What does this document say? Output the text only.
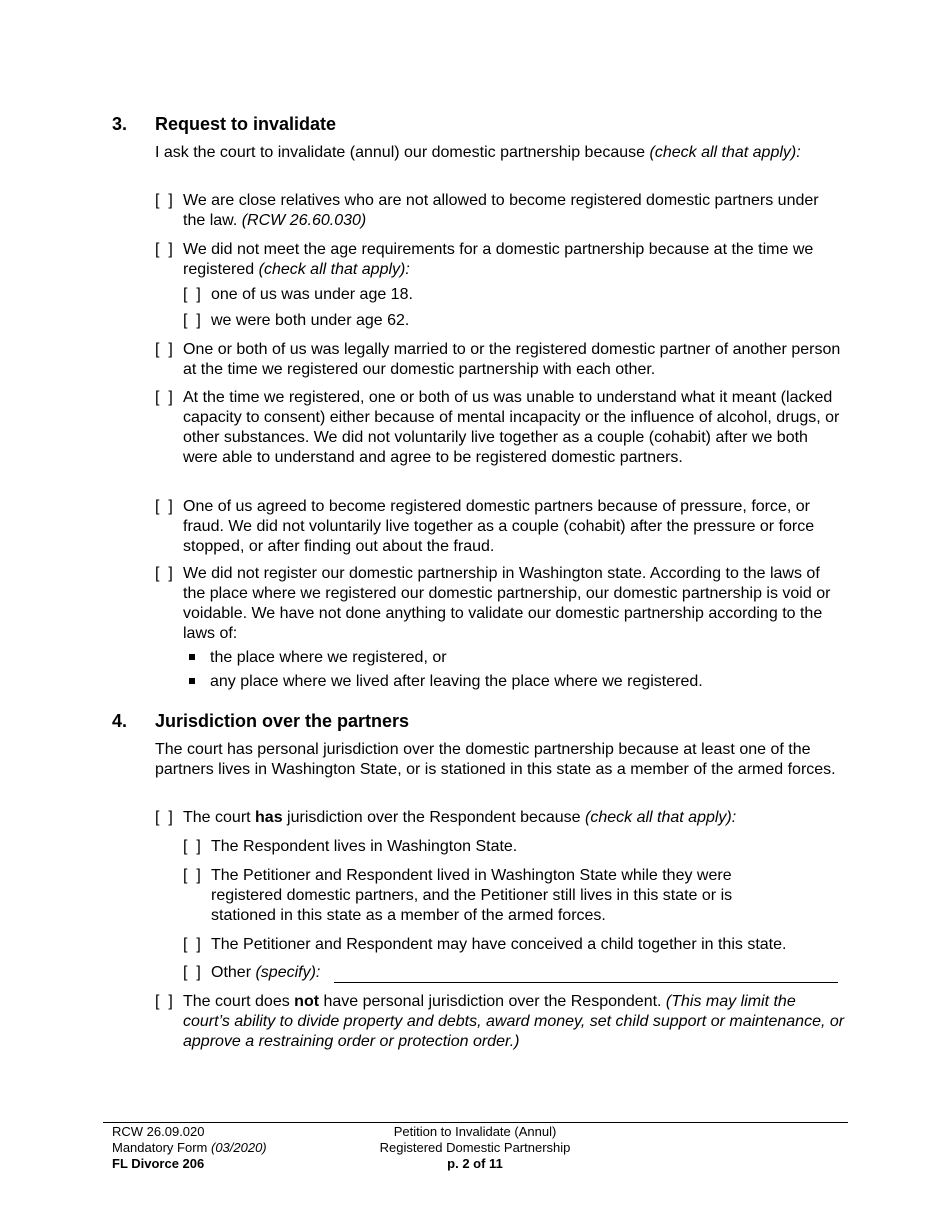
3. Request to invalidate
I ask the court to invalidate (annul) our domestic partnership because (check all that apply):
[  ] We are close relatives who are not allowed to become registered domestic partners under the law. (RCW 26.60.030)
[  ] We did not meet the age requirements for a domestic partnership because at the time we registered (check all that apply):
[  ] one of us was under age 18.
[  ] we were both under age 62.
[  ] One or both of us was legally married to or the registered domestic partner of another person at the time we registered our domestic partnership with each other.
[  ] At the time we registered, one or both of us was unable to understand what it meant (lacked capacity to consent) either because of mental incapacity or the influence of alcohol, drugs, or other substances. We did not voluntarily live together as a couple (cohabit) after we both were able to understand and agree to be registered domestic partners.
[  ] One of us agreed to become registered domestic partners because of pressure, force, or fraud. We did not voluntarily live together as a couple (cohabit) after the pressure or force stopped, or after finding out about the fraud.
[  ] We did not register our domestic partnership in Washington state. According to the laws of the place where we registered our domestic partnership, our domestic partnership is void or voidable. We have not done anything to validate our domestic partnership according to the laws of:
the place where we registered, or
any place where we lived after leaving the place where we registered.
4. Jurisdiction over the partners
The court has personal jurisdiction over the domestic partnership because at least one of the partners lives in Washington State, or is stationed in this state as a member of the armed forces.
[  ] The court has jurisdiction over the Respondent because (check all that apply):
[  ] The Respondent lives in Washington State.
[  ] The Petitioner and Respondent lived in Washington State while they were registered domestic partners, and the Petitioner still lives in this state or is stationed in this state as a member of the armed forces.
[  ] The Petitioner and Respondent may have conceived a child together in this state.
[  ] Other (specify):
[  ] The court does not have personal jurisdiction over the Respondent. (This may limit the court’s ability to divide property and debts, award money, set child support or maintenance, or approve a restraining order or protection order.)
RCW 26.09.020
Mandatory Form (03/2020)
FL Divorce 206
Petition to Invalidate (Annul)
Registered Domestic Partnership
p. 2 of 11
